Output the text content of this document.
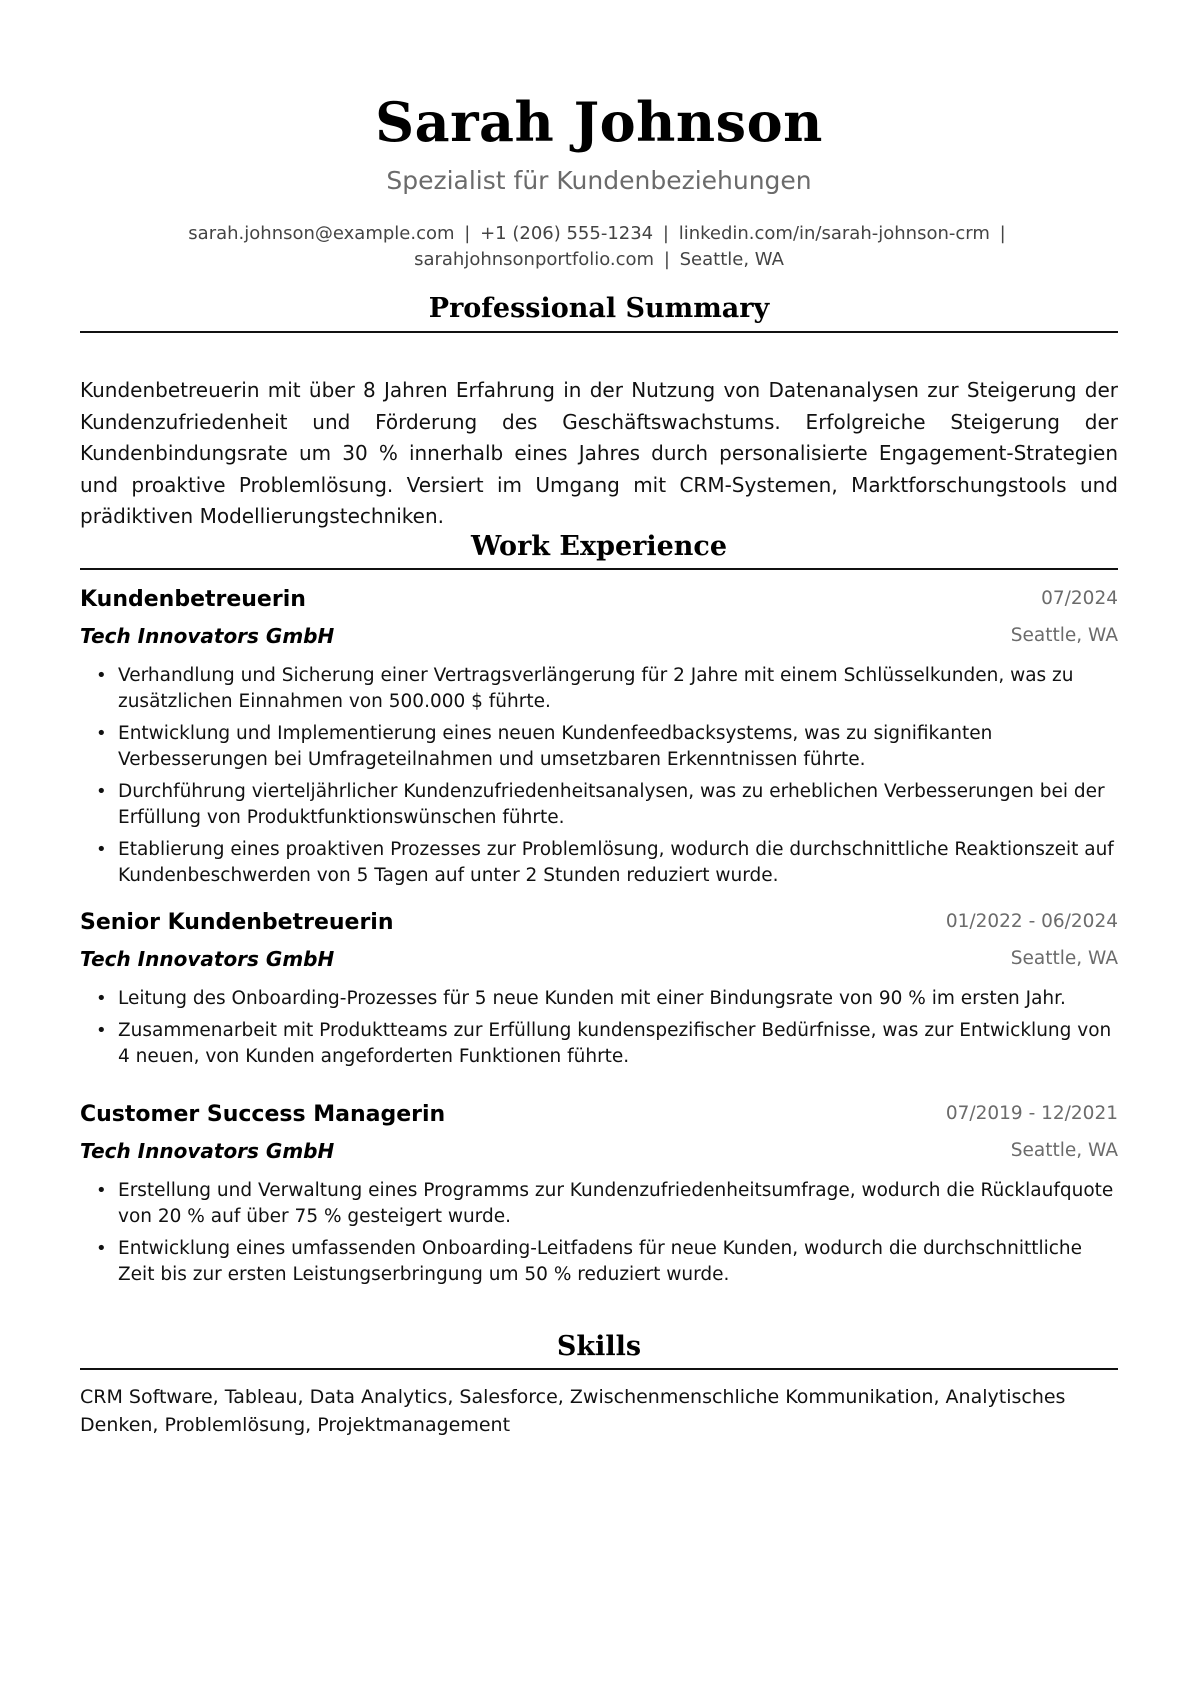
Sarah Johnson
Spezialist für Kundenbeziehungen
sarah.johnson@example.com | +1 (206) 555-1234 | linkedin.com/in/sarah-johnson-crm |
sarahjohnsonportfolio.com | Seattle, WA
Professional Summary

Kundenbetreuerin mit über 8 Jahren Erfahrung in der Nutzung von Datenanalysen zur Steigerung der Kundenzufriedenheit und Förderung des Geschäftswachstums. Erfolgreiche Steigerung der Kundenbindungsrate um 30 % innerhalb eines Jahres durch personalisierte Engagement-Strategien und proaktive Problemlösung. Versiert im Umgang mit CRM-Systemen, Marktforschungstools und prädiktiven Modellierungstechniken.

Work Experience
Kundenbetreuerin	07/2024
Tech Innovators GmbH	Seattle, WA
• Verhandlung und Sicherung einer Vertragsverlängerung für 2 Jahre mit einem Schlüsselkunden, was zu zusätzlichen Einnahmen von 500.000 $ führte.
• Entwicklung und Implementierung eines neuen Kundenfeedbacksystems, was zu signifikanten Verbesserungen bei Umfrageteilnahmen und umsetzbaren Erkenntnissen führte.
• Durchführung vierteljährlicher Kundenzufriedenheitsanalysen, was zu erheblichen Verbesserungen bei der Erfüllung von Produktfunktionswünschen führte.
• Etablierung eines proaktiven Prozesses zur Problemlösung, wodurch die durchschnittliche Reaktionszeit auf Kundenbeschwerden von 5 Tagen auf unter 2 Stunden reduziert wurde.
Senior Kundenbetreuerin	01/2022 - 06/2024
Tech Innovators GmbH	Seattle, WA
• Leitung des Onboarding-Prozesses für 5 neue Kunden mit einer Bindungsrate von 90 % im ersten Jahr.
• Zusammenarbeit mit Produktteams zur Erfüllung kundenspezifischer Bedürfnisse, was zur Entwicklung von 4 neuen, von Kunden angeforderten Funktionen führte.
Customer Success Managerin	07/2019 - 12/2021
Tech Innovators GmbH	Seattle, WA
• Erstellung und Verwaltung eines Programms zur Kundenzufriedenheitsumfrage, wodurch die Rücklaufquote von 20 % auf über 75 % gesteigert wurde.
• Entwicklung eines umfassenden Onboarding-Leitfadens für neue Kunden, wodurch die durchschnittliche Zeit bis zur ersten Leistungserbringung um 50 % reduziert wurde.
Skills

CRM Software, Tableau, Data Analytics, Salesforce, Zwischenmenschliche Kommunikation, Analytisches Denken, Problemlösung, Projektmanagement
